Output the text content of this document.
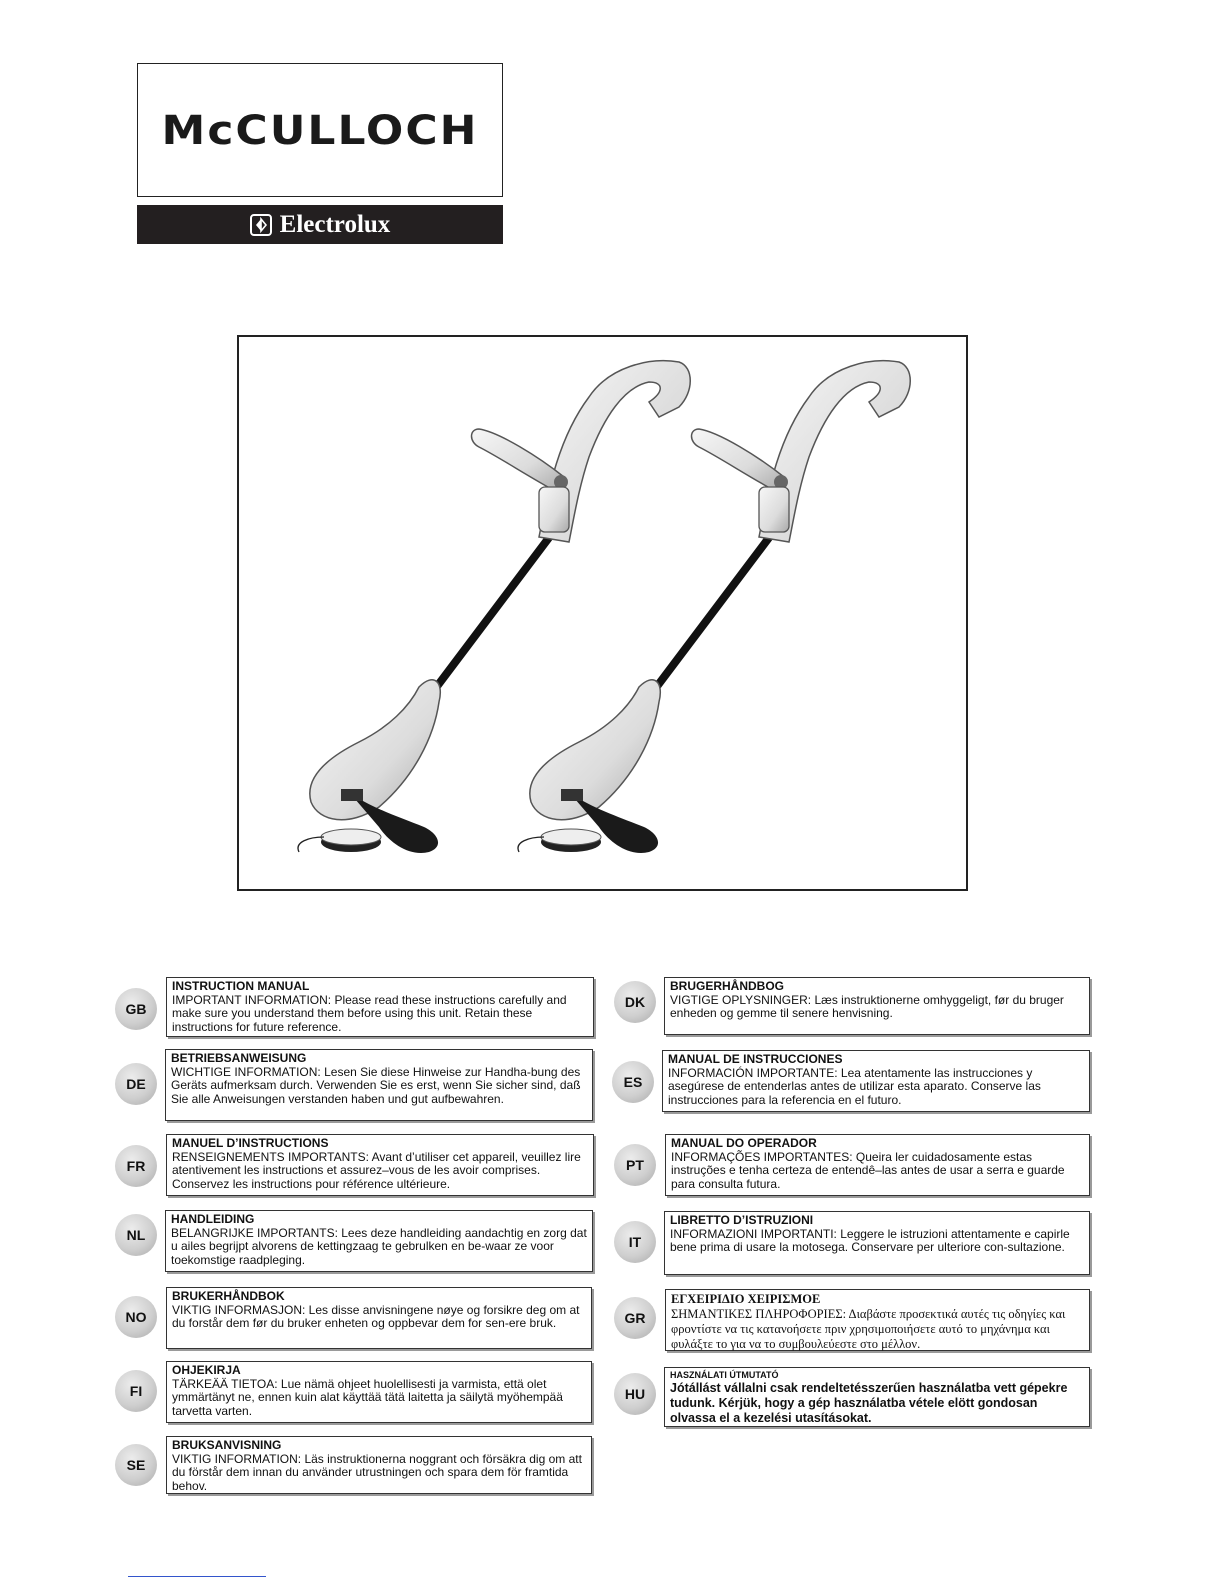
McCULLOCH
Electrolux
GB
INSTRUCTION MANUAL
IMPORTANT INFORMATION: Please read these instructions carefully and make sure you understand them before using this unit. Retain these instructions for future reference.
DE
BETRIEBSANWEISUNG
WICHTIGE INFORMATION: Lesen Sie diese Hinweise zur Handha-bung des Geräts aufmerksam durch. Verwenden Sie es erst, wenn Sie sicher sind, daß Sie alle Anweisungen verstanden haben und gut aufbewahren.
FR
MANUEL D’INSTRUCTIONS
RENSEIGNEMENTS IMPORTANTS: Avant d’utiliser cet appareil, veuillez lire atentivement les instructions et assurez–vous de les avoir comprises. Conservez les instructions pour référence ultérieure.
NL
HANDLEIDING
BELANGRIJKE IMPORTANTS: Lees deze handleiding aandachtig en zorg dat u ailes begrijpt alvorens de kettingzaag te gebrulken en be-waar ze voor toekomstige raadpleging.
NO
BRUKERHÅNDBOK
VIKTIG INFORMASJON: Les disse anvisningene nøye og forsikre deg om at du forstår dem før du bruker enheten og oppbevar dem for sen-ere bruk.
FI
OHJEKIRJA
TÄRKEÄÄ TIETOA: Lue nämä ohjeet huolellisesti ja varmista, että olet ymmärtänyt ne, ennen kuin alat käyttää tätä laitetta ja säilytä myöhempää tarvetta varten.
SE
BRUKSANVISNING
VIKTIG INFORMATION: Läs instruktionerna noggrant och försäkra dig om att du förstår dem innan du använder utrustningen och spara dem för framtida behov.
DK
BRUGERHÅNDBOG
VIGTIGE OPLYSNINGER: Læs instruktionerne omhyggeligt, før du bruger enheden og gemme til senere henvisning.
ES
MANUAL DE INSTRUCCIONES
INFORMACIÓN IMPORTANTE: Lea atentamente las instrucciones y asegúrese de entenderlas antes de utilizar esta aparato. Conserve las instrucciones para la referencia en el futuro.
PT
MANUAL DO OPERADOR
INFORMAÇÕES IMPORTANTES: Queira ler cuidadosamente estas instruções e tenha certeza de entendê–las antes de usar a serra e guarde para consulta futura.
IT
LIBRETTO D’ISTRUZIONI
INFORMAZIONI IMPORTANTI: Leggere le istruzioni attentamente e capirle bene prima di usare la motosega. Conservare per ulteriore con-sultazione.
GR
ΕΓΧΕΙΡΙΔΙΟ ΧΕΙΡΙΣΜΟΕ
ΣΗΜΑΝΤΙΚΕΣ ΠΛΗΡΟΦΟΡΙΕΣ: Διαβάστε προσεκτικά αυτές τις οδηγίες και φροντίστε να τις κατανοήσετε πριν χρησιμοποιήσετε αυτό το μηχάνημα και φυλάξτε το για να το συμβουλεύεστε στο μέλλον.
HU
HASZNÁLATI ÚTMUTATÓ
Jótállást vállalni csak rendeltetésszerűen használatba vett gépekre tudunk. Kérjük, hogy a gép használatba vétele elött gondosan olvassa el a kezelési utasításokat.
